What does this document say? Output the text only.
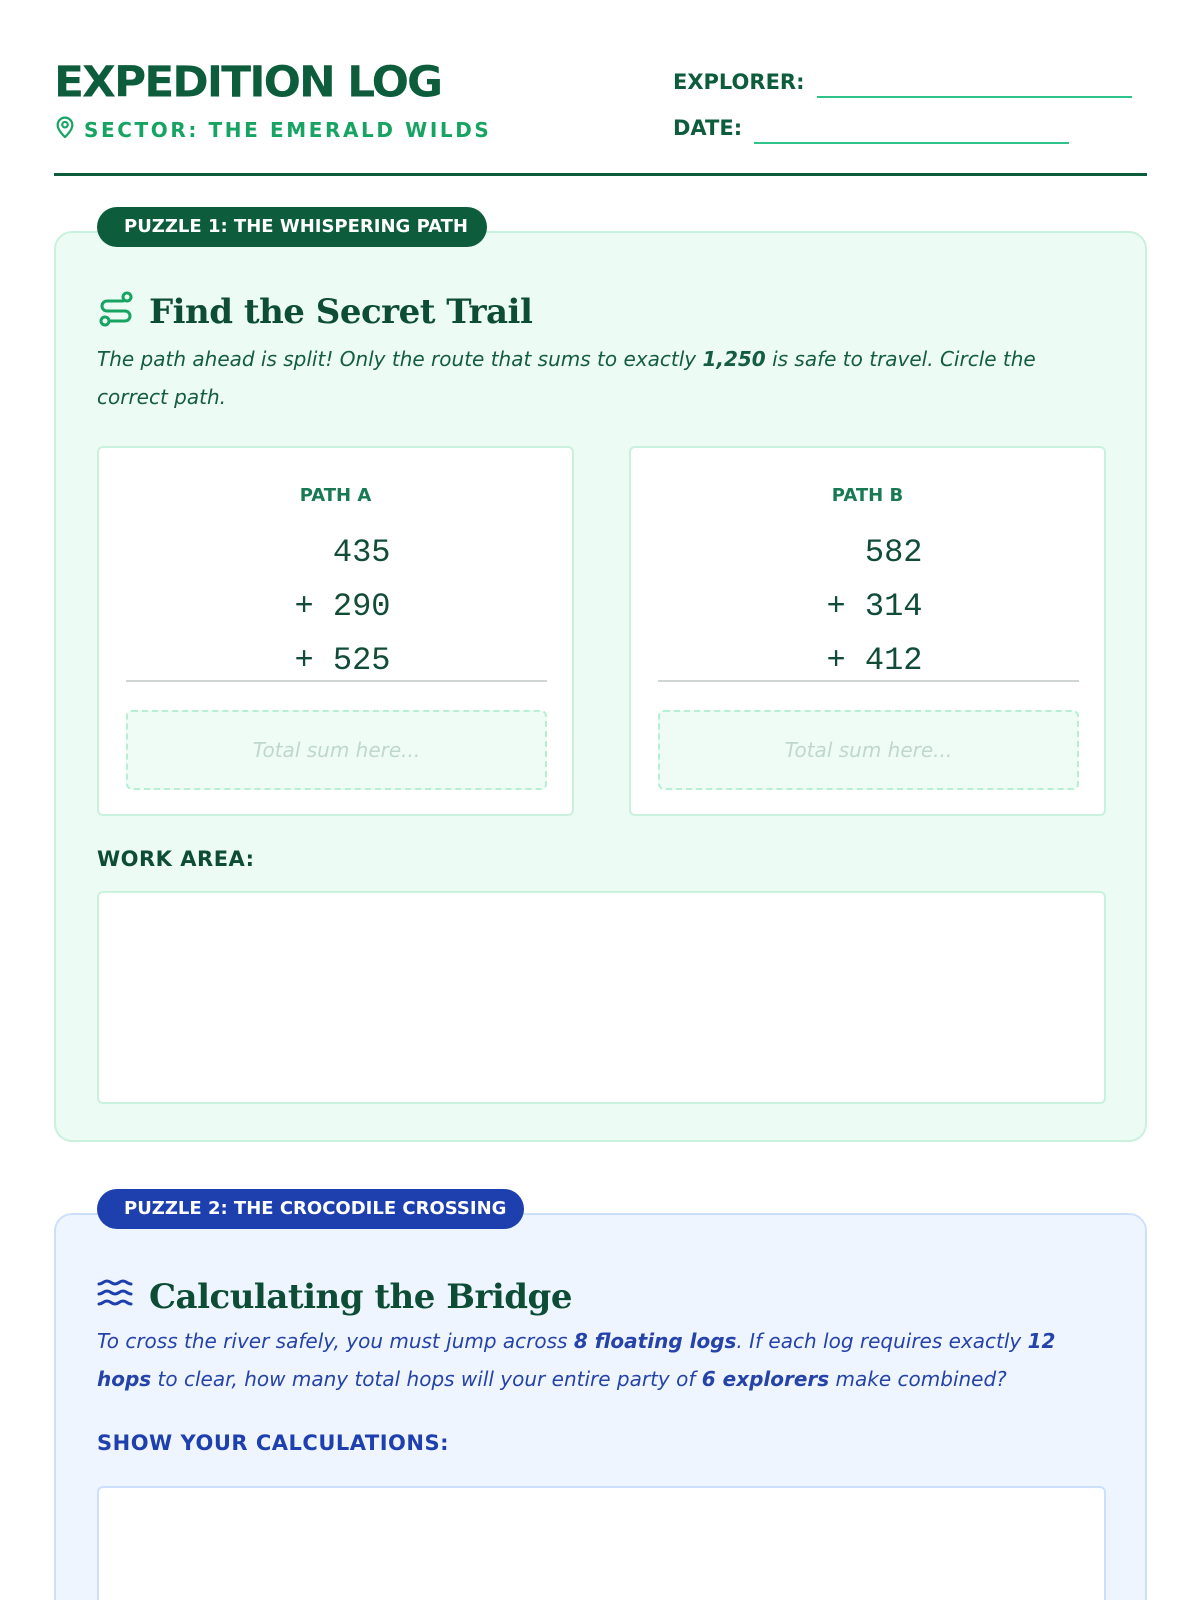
EXPEDITION LOG
SECTOR: THE EMERALD WILDS
EXPLORER:
DATE:
PUZZLE 1: THE WHISPERING PATH
Find the Secret Trail

The path ahead is split! Only the route that sums to exactly 1,250 is safe to travel. Circle the correct path.

PATH A
435
+ 290
+ 525
Total sum here...
PATH B
582
+ 314
+ 412
Total sum here...
WORK AREA:
PUZZLE 2: THE CROCODILE CROSSING
Calculating the Bridge

To cross the river safely, you must jump across 8 floating logs. If each log requires exactly 12 hops to clear, how many total hops will your entire party of 6 explorers make combined?

SHOW YOUR CALCULATIONS:
